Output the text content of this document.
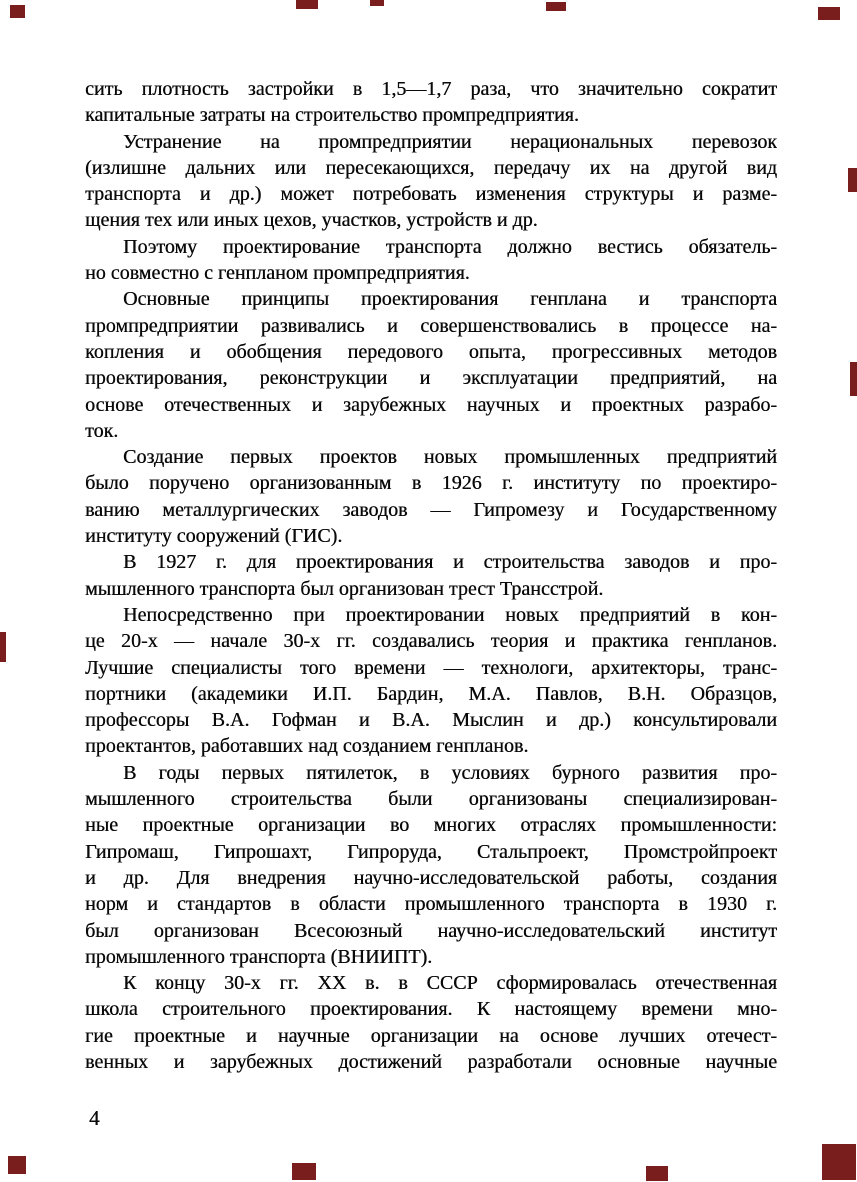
сить плотность застройки в 1,5—1,7 раза, что значительно сократит
капитальные затраты на строительство промпредприятия.

Устранение на промпредприятии нерациональных перевозок
(излишне дальних или пересекающихся, передачу их на другой вид
транспорта и др.) может потребовать изменения структуры и разме-
щения тех или иных цехов, участков, устройств и др.

Поэтому проектирование транспорта должно вестись обязатель-
но совместно с генпланом промпредприятия.

Основные принципы проектирования генплана и транспорта
промпредприятии развивались и совершенствовались в процессе на-
копления и обобщения передового опыта, прогрессивных методов
проектирования, реконструкции и эксплуатации предприятий, на
основе отечественных и зарубежных научных и проектных разрабо-
ток.

Создание первых проектов новых промышленных предприятий
было поручено организованным в 1926 г. институту по проектиро-
ванию металлургических заводов — Гипромезу и Государственному
институту сооружений (ГИС).

В 1927 г. для проектирования и строительства заводов и про-
мышленного транспорта был организован трест Трансстрой.

Непосредственно при проектировании новых предприятий в кон-
це 20-х — начале 30-х гг. создавались теория и практика генпланов.
Лучшие специалисты того времени — технологи, архитекторы, транс-
портники (академики И.П. Бардин, М.А. Павлов, В.Н. Образцов,
профессоры В.А. Гофман и В.А. Мыслин и др.) консультировали
проектантов, работавших над созданием генпланов.

В годы первых пятилеток, в условиях бурного развития про-
мышленного строительства были организованы специализирован-
ные проектные организации во многих отраслях промышленности:
Гипромаш, Гипрошахт, Гипроруда, Стальпроект, Промстройпроект
и др. Для внедрения научно-исследовательской работы, создания
норм и стандартов в области промышленного транспорта в 1930 г.
был организован Всесоюзный научно-исследовательский институт
промышленного транспорта (ВНИИПТ).

К концу 30-х гг. XX в. в СССР сформировалась отечественная
школа строительного проектирования. К настоящему времени мно-
гие проектные и научные организации на основе лучших отечест-
венных и зарубежных достижений разработали основные научные

4
